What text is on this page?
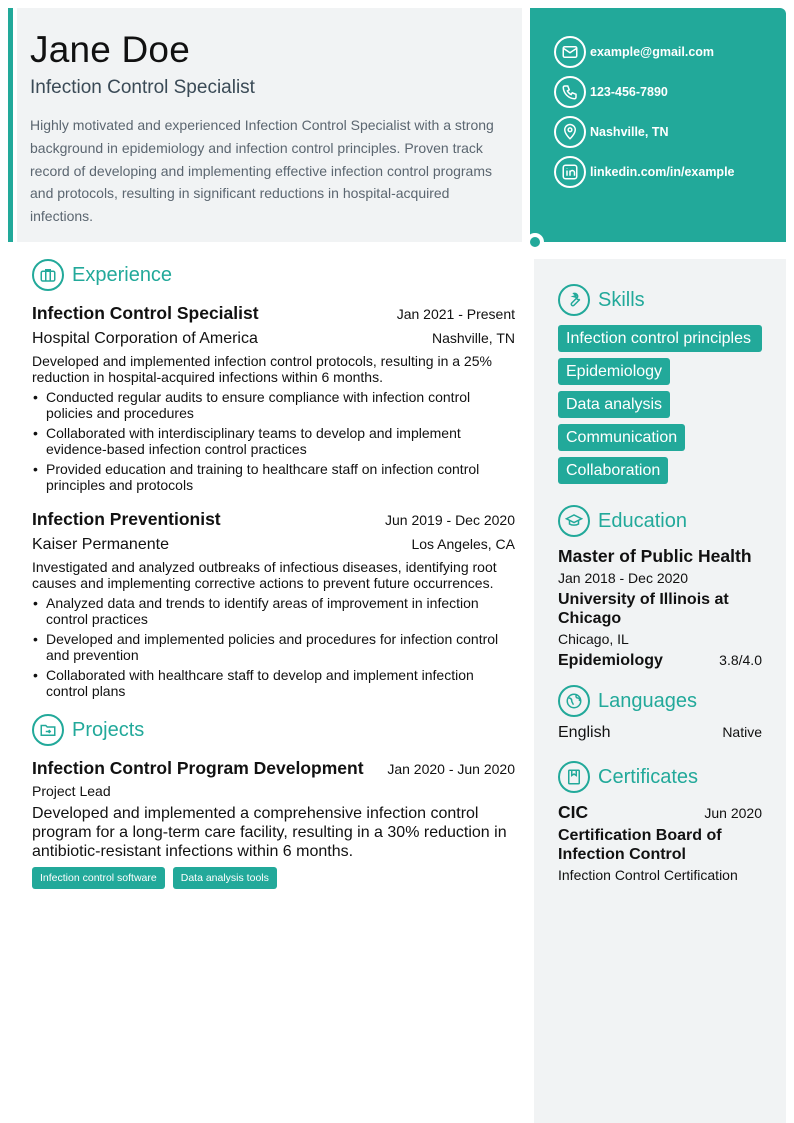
Jane Doe
Infection Control Specialist
Highly motivated and experienced Infection Control Specialist with a strong background in epidemiology and infection control principles. Proven track record of developing and implementing effective infection control programs and protocols, resulting in significant reductions in hospital-acquired infections.
example@gmail.com
123-456-7890
Nashville, TN
linkedin.com/in/example
Experience
Infection Control Specialist	Jan 2021 - Present
Hospital Corporation of America	Nashville, TN
Developed and implemented infection control protocols, resulting in a 25% reduction in hospital-acquired infections within 6 months.
• Conducted regular audits to ensure compliance with infection control policies and procedures
• Collaborated with interdisciplinary teams to develop and implement evidence-based infection control practices
• Provided education and training to healthcare staff on infection control principles and protocols
Infection Preventionist	Jun 2019 - Dec 2020
Kaiser Permanente	Los Angeles, CA
Investigated and analyzed outbreaks of infectious diseases, identifying root causes and implementing corrective actions to prevent future occurrences.
• Analyzed data and trends to identify areas of improvement in infection control practices
• Developed and implemented policies and procedures for infection control and prevention
• Collaborated with healthcare staff to develop and implement infection control plans
Projects
Infection Control Program Development Jan 2020 - Jun 2020
Project Lead
Developed and implemented a comprehensive infection control program for a long-term care facility, resulting in a 30% reduction in antibiotic-resistant infections within 6 months.
Infection control software	Data analysis tools
Skills
Infection control principles
Epidemiology
Data analysis
Communication
Collaboration
Education
Master of Public Health
Jan 2018 - Dec 2020
University of Illinois at Chicago
Chicago, IL
Epidemiology	3.8/4.0
Languages
English	Native
Certificates
CIC	Jun 2020
Certification Board of Infection Control
Infection Control Certification
